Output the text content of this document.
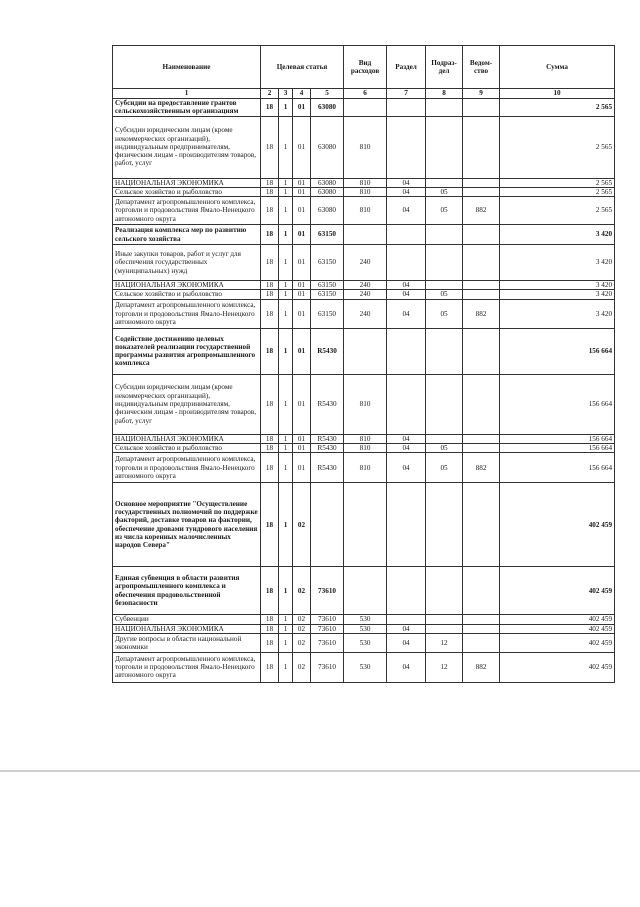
Наименование	Целевая статья				Вид расходов	Раздел	Подраз-дел	Ведом-ство	Сумма
1	2	3	4	5	6	7	8	9	10
Субсидии на предоставление грантов сельскохозяйственным организациям	18	1	01	63080					2 565
Субсидии юридическим лицам (кроме некоммерческих организаций), индивидуальным предпринимателям, физическим лицам - производителям товаров, работ, услуг	18	1	01	63080	810				2 565
НАЦИОНАЛЬНАЯ ЭКОНОМИКА	18	1	01	63080	810	04			2 565
Сельское хозяйство и рыболовство	18	1	01	63080	810	04	05		2 565
Департамент агропромышленного комплекса, торговли и продовольствия Ямало-Ненецкого автономного округа	18	1	01	63080	810	04	05	882	2 565
Реализация комплекса мер по развитию сельского хозяйства	18	1	01	63150					3 420
Иные закупки товаров, работ и услуг для обеспечения государственных (муниципальных) нужд	18	1	01	63150	240				3 420
НАЦИОНАЛЬНАЯ ЭКОНОМИКА	18	1	01	63150	240	04			3 420
Сельское хозяйство и рыболовство	18	1	01	63150	240	04	05		3 420
Департамент агропромышленного комплекса, торговли и продовольствия Ямало-Ненецкого автономного округа	18	1	01	63150	240	04	05	882	3 420
Содействие достижению целевых показателей реализации государственной программы развития агропромышленного комплекса	18	1	01	R5430					156 664
Субсидии юридическим лицам (кроме некоммерческих организаций), индивидуальным предпринимателям, физическим лицам - производителям товаров, работ, услуг	18	1	01	R5430	810				156 664
НАЦИОНАЛЬНАЯ ЭКОНОМИКА	18	1	01	R5430	810	04			156 664
Сельское хозяйство и рыболовство	18	1	01	R5430	810	04	05		156 664
Департамент агропромышленного комплекса, торговли и продовольствия Ямало-Ненецкого автономного округа	18	1	01	R5430	810	04	05	882	156 664
Основное мероприятие "Осуществление государственных полномочий по поддержке факторий, доставке товаров на фактории, обеспечение дровами тундрового населения из числа коренных малочисленных народов Севера"	18	1	02						402 459
Единая субвенция в области развития агропромышленного комплекса и обеспечения продовольственной безопасности	18	1	02	73610					402 459
Субвенции	18	1	02	73610	530				402 459
НАЦИОНАЛЬНАЯ ЭКОНОМИКА	18	1	02	73610	530	04			402 459
Другие вопросы в области национальной экономики	18	1	02	73610	530	04	12		402 459
Департамент агропромышленного комплекса, торговли и продовольствия Ямало-Ненецкого автономного округа	18	1	02	73610	530	04	12	882	402 459
